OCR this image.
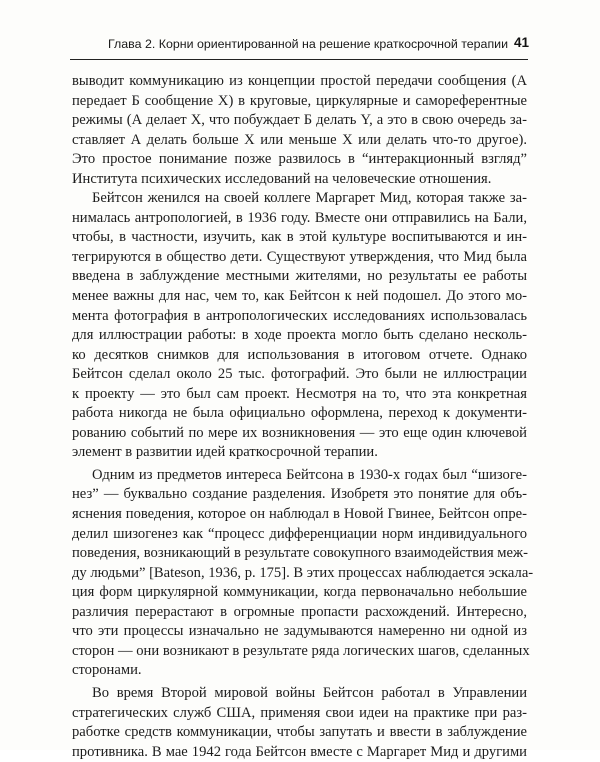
Глава 2. Корни ориентированной на решение краткосрочной терапии 41
выводит коммуникацию из концепции простой передачи сообщения (А
передает Б сообщение X) в круговые, циркулярные и самореферентные
режимы (А делает X, что побуждает Б делать Y, а это в свою очередь за-
ставляет А делать больше X или меньше X или делать что-то другое).
Это простое понимание позже развилось в “интеракционный взгляд”
Института психических исследований на человеческие отношения.
Бейтсон женился на своей коллеге Маргарет Мид, которая также за-
нималась антропологией, в 1936 году. Вместе они отправились на Бали,
чтобы, в частности, изучить, как в этой культуре воспитываются и ин-
тегрируются в общество дети. Существуют утверждения, что Мид была
введена в заблуждение местными жителями, но результаты ее работы
менее важны для нас, чем то, как Бейтсон к ней подошел. До этого мо-
мента фотография в антропологических исследованиях использовалась
для иллюстрации работы: в ходе проекта могло быть сделано несколь-
ко десятков снимков для использования в итоговом отчете. Однако
Бейтсон сделал около 25 тыс. фотографий. Это были не иллюстрации
к проекту — это был сам проект. Несмотря на то, что эта конкретная
работа никогда не была официально оформлена, переход к документи-
рованию событий по мере их возникновения — это еще один ключевой
элемент в развитии идей краткосрочной терапии.
Одним из предметов интереса Бейтсона в 1930-х годах был “шизоге-
нез” — буквально создание разделения. Изобретя это понятие для объ-
яснения поведения, которое он наблюдал в Новой Гвинее, Бейтсон опре-
делил шизогенез как “процесс дифференциации норм индивидуального
поведения, возникающий в результате совокупного взаимодействия меж-
ду людьми” [Bateson, 1936, p. 175]. В этих процессах наблюдается эскала-
ция форм циркулярной коммуникации, когда первоначально небольшие
различия перерастают в огромные пропасти расхождений. Интересно,
что эти процессы изначально не задумываются намеренно ни одной из
сторон — они возникают в результате ряда логических шагов, сделанных
сторонами.
Во время Второй мировой войны Бейтсон работал в Управлении
стратегических служб США, применяя свои идеи на практике при раз-
работке средств коммуникации, чтобы запутать и ввести в заблуждение
противника. В мае 1942 года Бейтсон вместе с Маргарет Мид и другими
